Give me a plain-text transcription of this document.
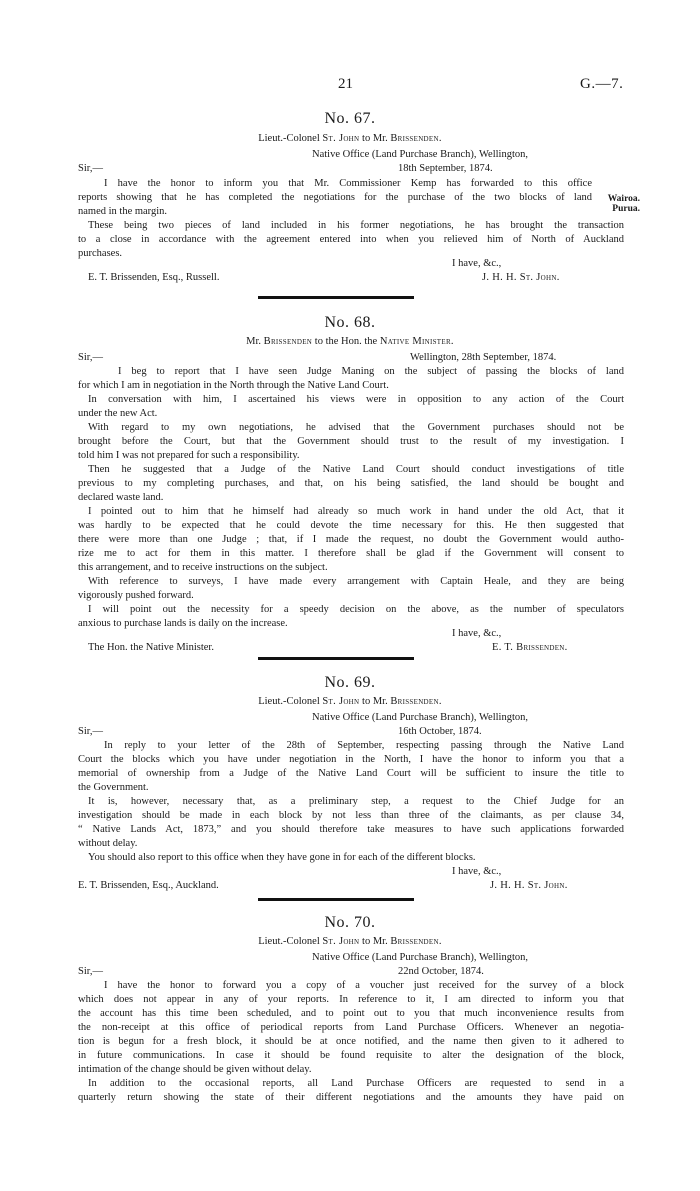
21	G.—7.
No. 67.
Lieut.-Colonel St. John to Mr. Brissenden.
Native Office (Land Purchase Branch), Wellington,
Sir,—	18th September, 1874.
I have the honor to inform you that Mr. Commissioner Kemp has forwarded to this office
reports showing that he has completed the negotiations for the purchase of the two blocks of land
named in the margin.
These being two pieces of land included in his former negotiations, he has brought the transaction
to a close in accordance with the agreement entered into when you relieved him of North of Auckland
purchases.
Wairoa.
Purua.
I have, &c.,
E. T. Brissenden, Esq., Russell.	J. H. H. St. John.
No. 68.
Mr. Brissenden to the Hon. the Native Minister.
Sir,—	Wellington, 28th September, 1874.
I beg to report that I have seen Judge Maning on the subject of passing the blocks of land
for which I am in negotiation in the North through the Native Land Court.
In conversation with him, I ascertained his views were in opposition to any action of the Court
under the new Act.
With regard to my own negotiations, he advised that the Government purchases should not be
brought before the Court, but that the Government should trust to the result of my investigation. I
told him I was not prepared for such a responsibility.
Then he suggested that a Judge of the Native Land Court should conduct investigations of title
previous to my completing purchases, and that, on his being satisfied, the land should be bought and
declared waste land.
I pointed out to him that he himself had already so much work in hand under the old Act, that it
was hardly to be expected that he could devote the time necessary for this. He then suggested that
there were more than one Judge ; that, if I made the request, no doubt the Government would autho-
rize me to act for them in this matter. I therefore shall be glad if the Government will consent to
this arrangement, and to receive instructions on the subject.
With reference to surveys, I have made every arrangement with Captain Heale, and they are being
vigorously pushed forward.
I will point out the necessity for a speedy decision on the above, as the number of speculators
anxious to purchase lands is daily on the increase.
I have, &c.,
The Hon. the Native Minister.	E. T. Brissenden.
No. 69.
Lieut.-Colonel St. John to Mr. Brissenden.
Native Office (Land Purchase Branch), Wellington,
Sir,—	16th October, 1874.
In reply to your letter of the 28th of September, respecting passing through the Native Land
Court the blocks which you have under negotiation in the North, I have the honor to inform you that a
memorial of ownership from a Judge of the Native Land Court will be sufficient to insure the title to
the Government.
It is, however, necessary that, as a preliminary step, a request to the Chief Judge for an
investigation should be made in each block by not less than three of the claimants, as per clause 34,
“ Native Lands Act, 1873,” and you should therefore take measures to have such applications forwarded
without delay.
You should also report to this office when they have gone in for each of the different blocks.
I have, &c.,
E. T. Brissenden, Esq., Auckland.	J. H. H. St. John.
No. 70.
Lieut.-Colonel St. John to Mr. Brissenden.
Native Office (Land Purchase Branch), Wellington,
Sir,—	22nd October, 1874.
I have the honor to forward you a copy of a voucher just received for the survey of a block
which does not appear in any of your reports. In reference to it, I am directed to inform you that
the account has this time been scheduled, and to point out to you that much inconvenience results from
the non-receipt at this office of periodical reports from Land Purchase Officers. Whenever an negotia-
tion is begun for a fresh block, it should be at once notified, and the name then given to it adhered to
in future communications. In case it should be found requisite to alter the designation of the block,
intimation of the change should be given without delay.
In addition to the occasional reports, all Land Purchase Officers are requested to send in a
quarterly return showing the state of their different negotiations and the amounts they have paid on
